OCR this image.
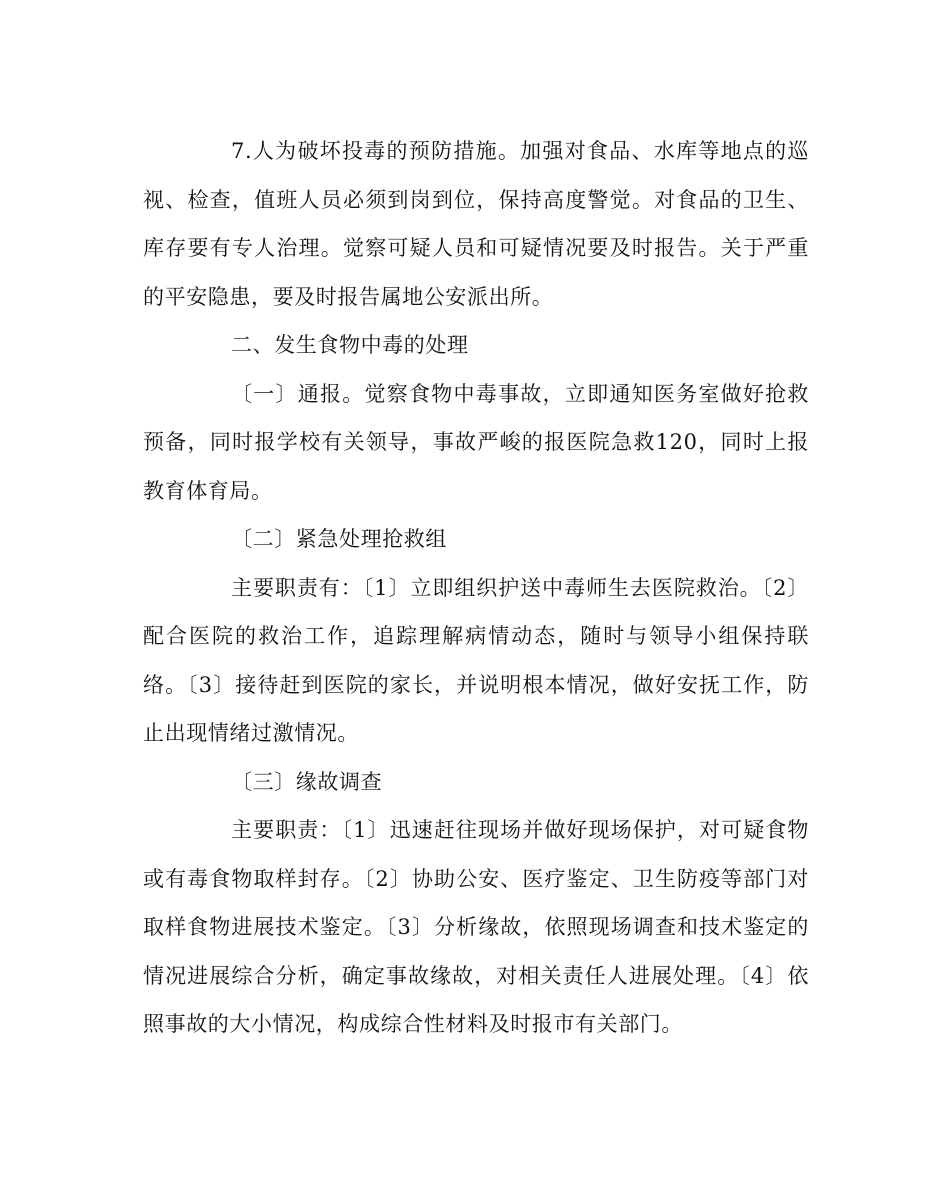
7.人为破坏投毒的预防措施。加强对食品、水库等地点的巡视、检查，值班人员必须到岗到位，保持高度警觉。对食品的卫生、库存要有专人治理。觉察可疑人员和可疑情况要及时报告。关于严重的平安隐患，要及时报告属地公安派出所。

二、发生食物中毒的处理

〔一〕通报。觉察食物中毒事故，立即通知医务室做好抢救预备，同时报学校有关领导，事故严峻的报医院急救120，同时上报教育体育局。

〔二〕紧急处理抢救组

主要职责有：〔1〕立即组织护送中毒师生去医院救治。〔2〕配合医院的救治工作，追踪理解病情动态，随时与领导小组保持联络。〔3〕接待赶到医院的家长，并说明根本情况，做好安抚工作，防止出现情绪过激情况。

〔三〕缘故调查

主要职责：〔1〕迅速赶往现场并做好现场保护，对可疑食物或有毒食物取样封存。〔2〕协助公安、医疗鉴定、卫生防疫等部门对取样食物进展技术鉴定。〔3〕分析缘故，依照现场调查和技术鉴定的情况进展综合分析，确定事故缘故，对相关责任人进展处理。〔4〕依照事故的大小情况，构成综合性材料及时报市有关部门。
